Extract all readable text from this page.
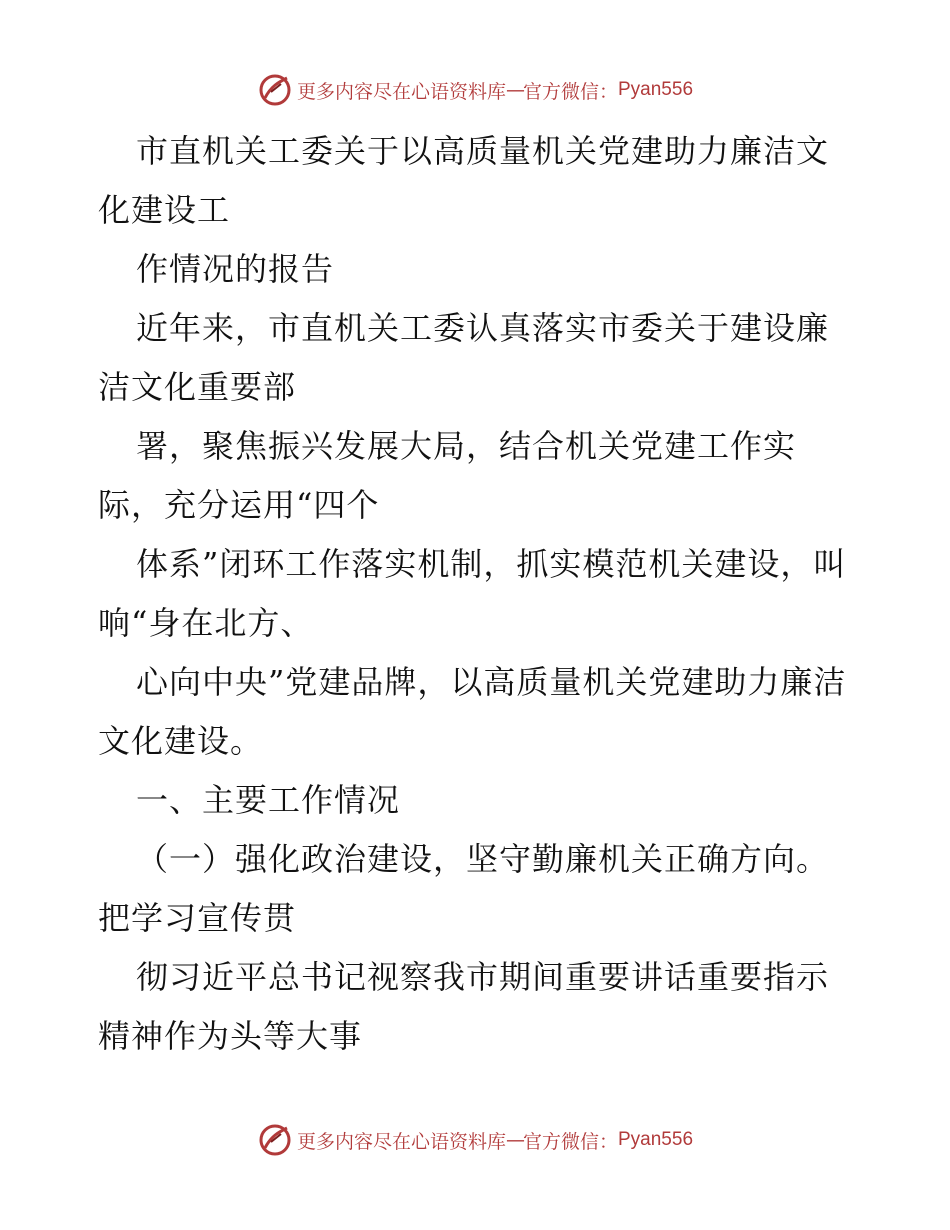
更多内容尽在心语资料库 — 官方微信： Pyan556

市直机关工委关于以高质量机关党建助力廉洁文化建设工

作情况的报告

近年来，市直机关工委认真落实市委关于建设廉洁文化重要部

署，聚焦振兴发展大局，结合机关党建工作实际，充分运用“四个

体系”闭环工作落实机制，抓实模范机关建设，叫响“身在北方、

心向中央”党建品牌，以高质量机关党建助力廉洁文化建设。

一、主要工作情况

（一）强化政治建设，坚守勤廉机关正确方向。把学习宣传贯

彻习近平总书记视察我市期间重要讲话重要指示精神作为头等大事

更多内容尽在心语资料库 — 官方微信： Pyan556
